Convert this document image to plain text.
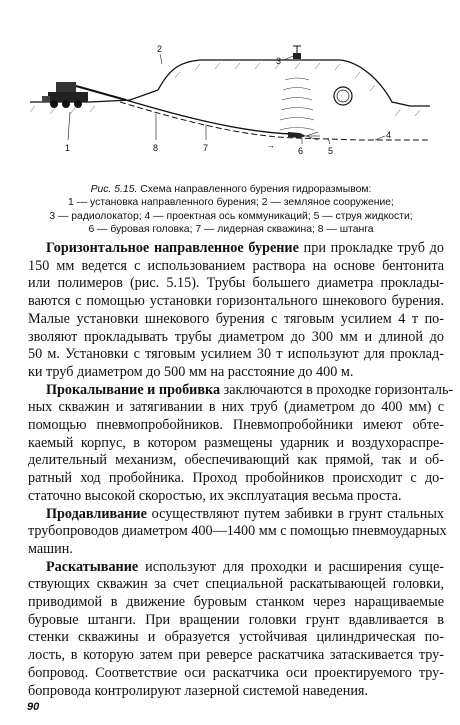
→
1
2
3
4
5
6
7
8
Рис. 5.15. Схема направленного бурения гидроразмывом:
1 — установка направленного бурения; 2 — земляное сооружение;
3 — радиолокатор; 4 — проектная ось коммуникаций; 5 — струя жидкости;
6 — буровая головка; 7 — лидерная скважина; 8 — штанга
Горизонтальное направленное бурение при прокладке труб до
150 мм ведется с использованием раствора на основе бентонита
или полимеров (рис. 5.15). Трубы большего диаметра проклады-
ваются с помощью установки горизонтального шнекового бурения.
Малые установки шнекового бурения с тяговым усилием 4 т по-
зволяют прокладывать трубы диаметром до 300 мм и длиной до
50 м. Установки с тяговым усилием 30 т используют для проклад-
ки труб диаметром до 500 мм на расстояние до 400 м.
Прокалывание и пробивка заключаются в проходке горизонталь-
ных скважин и затягивании в них труб (диаметром до 400 мм) с
помощью пневмопробойников. Пневмопробойники имеют обте-
каемый корпус, в котором размещены ударник и воздухораспре-
делительный механизм, обеспечивающий как прямой, так и об-
ратный ход пробойника. Проход пробойников происходит с до-
статочно высокой скоростью, их эксплуатация весьма проста.
Продавливание осуществляют путем забивки в грунт стальных
трубопроводов диаметром 400—1400 мм с помощью пневмоударных
машин.
Раскатывание используют для проходки и расширения суще-
ствующих скважин за счет специальной раскатывающей головки,
приводимой в движение буровым станком через наращиваемые
буровые штанги. При вращении головки грунт вдавливается в
стенки скважины и образуется устойчивая цилиндрическая по-
лость, в которую затем при реверсе раскатчика затаскивается тру-
бопровод. Соответствие оси раскатчика оси проектируемого тру-
бопровода контролируют лазерной системой наведения.
90
